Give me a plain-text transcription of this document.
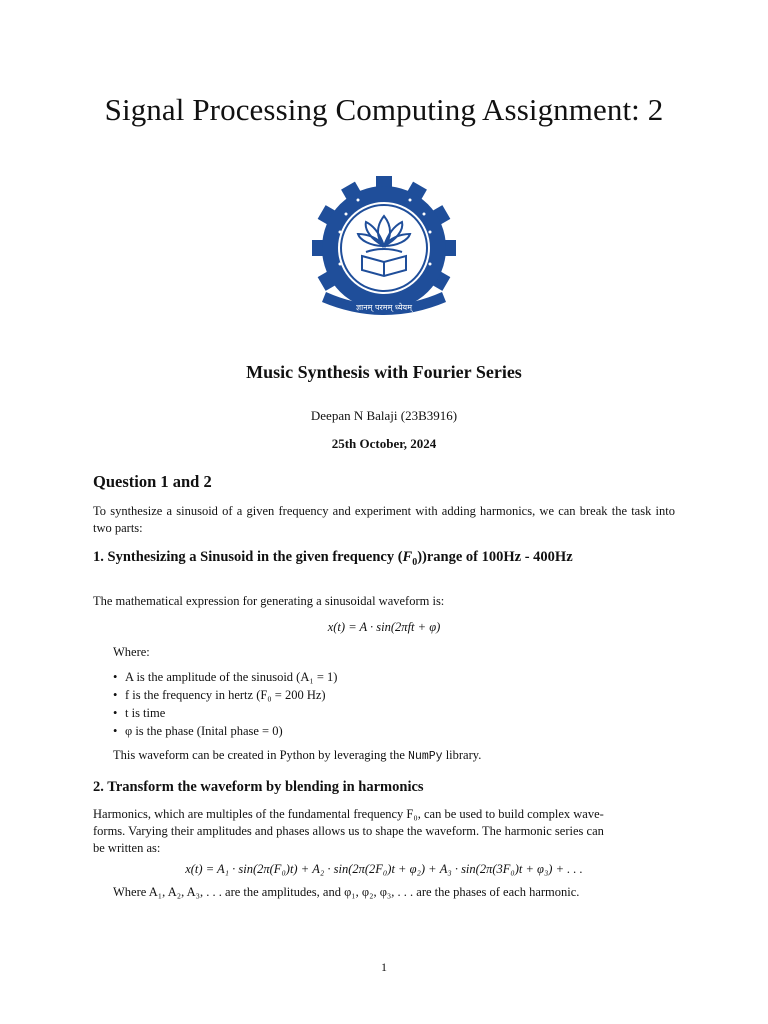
Signal Processing Computing Assignment: 2
ज्ञानम् परमम् ध्येयम्
Music Synthesis with Fourier Series
Deepan N Balaji (23B3916)
25th October, 2024
Question 1 and 2
To synthesize a sinusoid of a given frequency and experiment with adding harmonics, we can break the task into two parts:
1. Synthesizing a Sinusoid in the given frequency $(F_0))range$ of 100Hz - 400Hz
The mathematical expression for generating a sinusoidal waveform is:
x(t) = A · sin(2πft + φ)
Where:
• A is the amplitude of the sinusoid (A₁ = 1)
• f is the frequency in hertz (F₀ = 200 Hz)
• t is time
• φ is the phase (Inital phase = 0)
This waveform can be created in Python by leveraging the NumPy library.
2. Transform the waveform by blending in harmonics
Harmonics, which are multiples of the fundamental frequency F₀, can be used to build complex wave-
forms. Varying their amplitudes and phases allows us to shape the waveform. The harmonic series can
be written as:
x(t) = A₁ · sin(2π(F₀)t) + A₂ · sin(2π(2F₀)t + φ₂) + A₃ · sin(2π(3F₀)t + φ₃) + . . .
Where A₁, A₂, A₃, . . . are the amplitudes, and φ₁, φ₂, φ₃, . . . are the phases of each harmonic.
1
